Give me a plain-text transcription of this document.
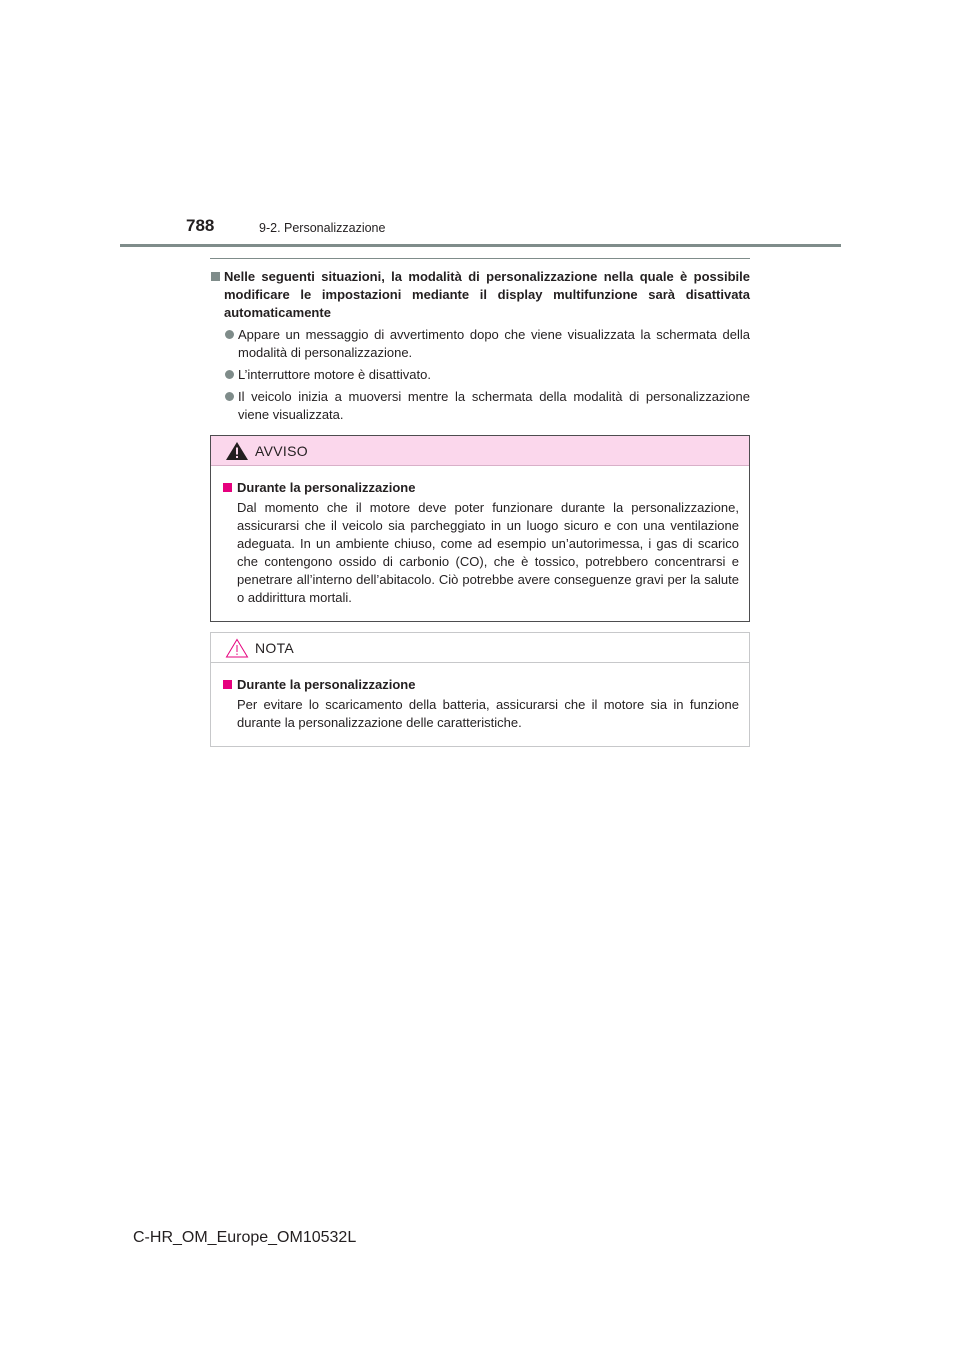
788	9-2. Personalizzazione
Nelle seguenti situazioni, la modalità di personalizzazione nella quale è possibile modificare le impostazioni mediante il display multifunzione sarà disattivata automaticamente
Appare un messaggio di avvertimento dopo che viene visualizzata la schermata della modalità di personalizzazione.
L’interruttore motore è disattivato.
Il veicolo inizia a muoversi mentre la schermata della modalità di personalizzazione viene visualizzata.
AVVISO
Durante la personalizzazione
Dal momento che il motore deve poter funzionare durante la personalizzazione, assicurarsi che il veicolo sia parcheggiato in un luogo sicuro e con una ventilazione adeguata. In un ambiente chiuso, come ad esempio un’autorimessa, i gas di scarico che contengono ossido di carbonio (CO), che è tossico, potrebbero concentrarsi e penetrare all’interno dell’abitacolo. Ciò potrebbe avere conseguenze gravi per la salute o addirittura mortali.
NOTA
Durante la personalizzazione
Per evitare lo scaricamento della batteria, assicurarsi che il motore sia in funzione durante la personalizzazione delle caratteristiche.
C-HR_OM_Europe_OM10532L
